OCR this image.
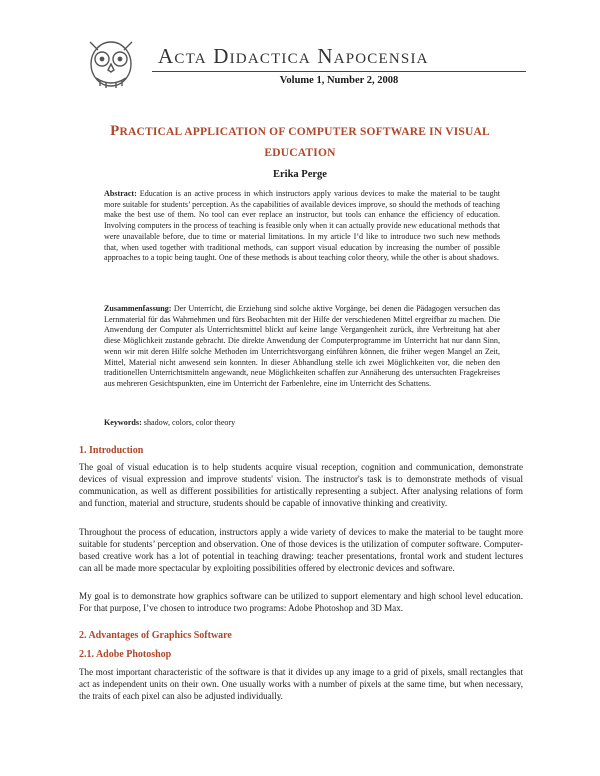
ACTA DIDACTICA NAPOCENSIA
Volume 1, Number 2, 2008
PRACTICAL APPLICATION OF COMPUTER SOFTWARE IN VISUAL
EDUCATION
Erika Perge
Abstract: Education is an active process in which instructors apply various devices to make the material to be taught more suitable for students’ perception. As the capabilities of available devices improve, so should the methods of teaching make the best use of them. No tool can ever replace an instructor, but tools can enhance the efficiency of education. Involving computers in the process of teaching is feasible only when it can actually provide new educational methods that were unavailable before, due to time or material limitations. In my article I’d like to introduce two such new methods that, when used together with traditional methods, can support visual education by increasing the number of possible approaches to a topic being taught. One of these methods is about teaching color theory, while the other is about shadows.
Zusammenfassung: Der Unterricht, die Erziehung sind solche aktive Vorgänge, bei denen die Pädagogen versuchen das Lernmaterial für das Wahrnehmen und fürs Beobachten mit der Hilfe der verschiedenen Mittel ergreifbar zu machen. Die Anwendung der Computer als Unterrichtsmittel blickt auf keine lange Vergangenheit zurück, ihre Verbreitung hat aber diese Möglichkeit zustande gebracht. Die direkte Anwendung der Computerprogramme im Unterricht hat nur dann Sinn, wenn wir mit deren Hilfe solche Methoden im Unterrichtsvorgang einführen können, die früher wegen Mangel an Zeit, Mittel, Material nicht anwesend sein konnten. In dieser Abhandlung stelle ich zwei Möglichkeiten vor, die neben den traditionellen Unterrichtsmitteln angewandt, neue Möglichkeiten schaffen zur Annäherung des untersuchten Fragekreises aus mehreren Gesichtspunkten, eine im Unterricht der Farbenlehre, eine im Unterricht des Schattens.
Keywords: shadow, colors, color theory
1. Introduction
The goal of visual education is to help students acquire visual reception, cognition and communication, demonstrate devices of visual expression and improve students' vision. The instructor's task is to demonstrate methods of visual communication, as well as different possibilities for artistically representing a subject. After analysing relations of form and function, material and structure, students should be capable of innovative thinking and creativity.
Throughout the process of education, instructors apply a wide variety of devices to make the material to be taught more suitable for students’ perception and observation. One of those devices is the utilization of computer software. Computer-based creative work has a lot of potential in teaching drawing: teacher presentations, frontal work and student lectures can all be made more spectacular by exploiting possibilities offered by electronic devices and software.
My goal is to demonstrate how graphics software can be utilized to support elementary and high school level education. For that purpose, I’ve chosen to introduce two programs: Adobe Photoshop and 3D Max.
2. Advantages of Graphics Software
2.1. Adobe Photoshop
The most important characteristic of the software is that it divides up any image to a grid of pixels, small rectangles that act as independent units on their own. One usually works with a number of pixels at the same time, but when necessary, the traits of each pixel can also be adjusted individually.
